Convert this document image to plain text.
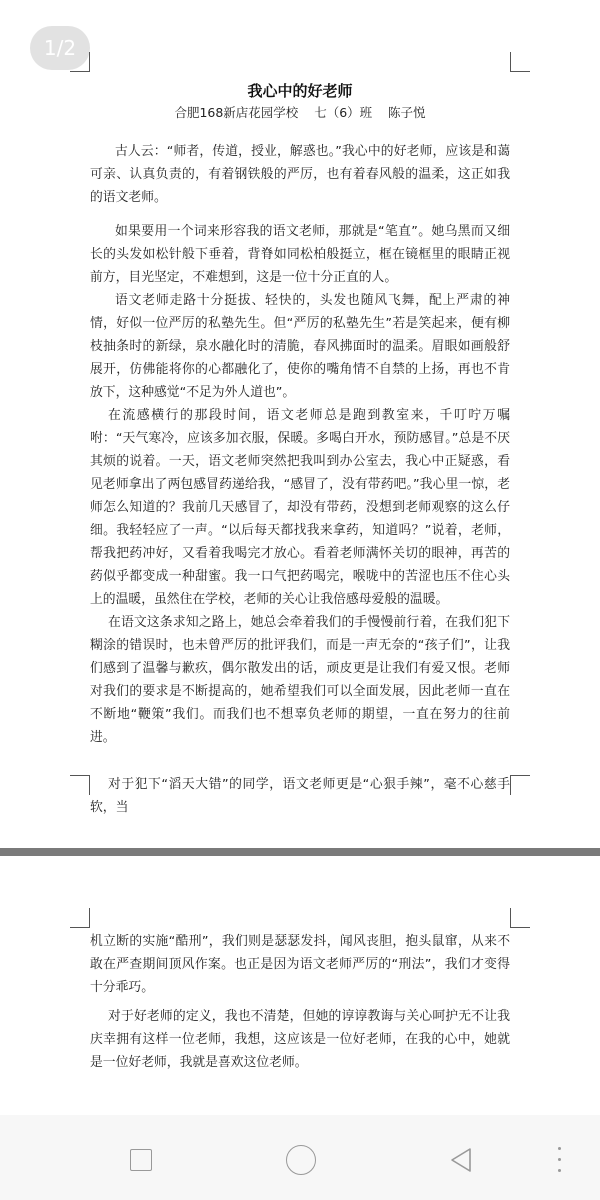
1/2
我心中的好老师
合肥168新店花园学校    七（6）班    陈子悦

古人云：“师者，传道，授业，解惑也。”我心中的好老师，应该是和蔼可亲、认真负责的，有着钢铁般的严厉，也有着春风般的温柔，这正如我的语文老师。

如果要用一个词来形容我的语文老师，那就是“笔直”。她乌黑而又细长的头发如松针般下垂着，背脊如同松柏般挺立，框在镜框里的眼睛正视前方，目光坚定，不难想到，这是一位十分正直的人。

语文老师走路十分挺拔、轻快的，头发也随风飞舞，配上严肃的神情，好似一位严厉的私塾先生。但“严厉的私塾先生”若是笑起来，便有柳枝抽条时的新绿，泉水融化时的清脆，春风拂面时的温柔。眉眼如画般舒展开，仿佛能将你的心都融化了，使你的嘴角情不自禁的上扬，再也不肯放下，这种感觉“不足为外人道也”。

在流感横行的那段时间，语文老师总是跑到教室来，千叮咛万嘱咐：“天气寒冷，应该多加衣服，保暖。多喝白开水，预防感冒。”总是不厌其烦的说着。一天，语文老师突然把我叫到办公室去，我心中正疑惑，看见老师拿出了两包感冒药递给我，“感冒了，没有带药吧。”我心里一惊，老师怎么知道的？我前几天感冒了，却没有带药，没想到老师观察的这么仔细。我轻轻应了一声。“以后每天都找我来拿药，知道吗？”说着，老师，帮我把药冲好，又看着我喝完才放心。看着老师满怀关切的眼神，再苦的药似乎都变成一种甜蜜。我一口气把药喝完，喉咙中的苦涩也压不住心头上的温暖，虽然住在学校，老师的关心让我倍感母爱般的温暖。

在语文这条求知之路上，她总会牵着我们的手慢慢前行着，在我们犯下糊涂的错误时，也未曾严厉的批评我们，而是一声无奈的“孩子们”，让我们感到了温馨与歉疚，偶尔散发出的话，顽皮更是让我们有爱又恨。老师对我们的要求是不断提高的，她希望我们可以全面发展，因此老师一直在不断地“鞭策”我们。而我们也不想辜负老师的期望，一直在努力的往前进。

对于犯下“滔天大错”的同学，语文老师更是“心狠手辣”，毫不心慈手软，当

机立断的实施“酷刑”，我们则是瑟瑟发抖，闻风丧胆，抱头鼠窜，从来不敢在严查期间顶风作案。也正是因为语文老师严厉的“刑法”，我们才变得十分乖巧。

对于好老师的定义，我也不清楚，但她的谆谆教诲与关心呵护无不让我庆幸拥有这样一位老师，我想，这应该是一位好老师，在我的心中，她就是一位好老师，我就是喜欢这位老师。
